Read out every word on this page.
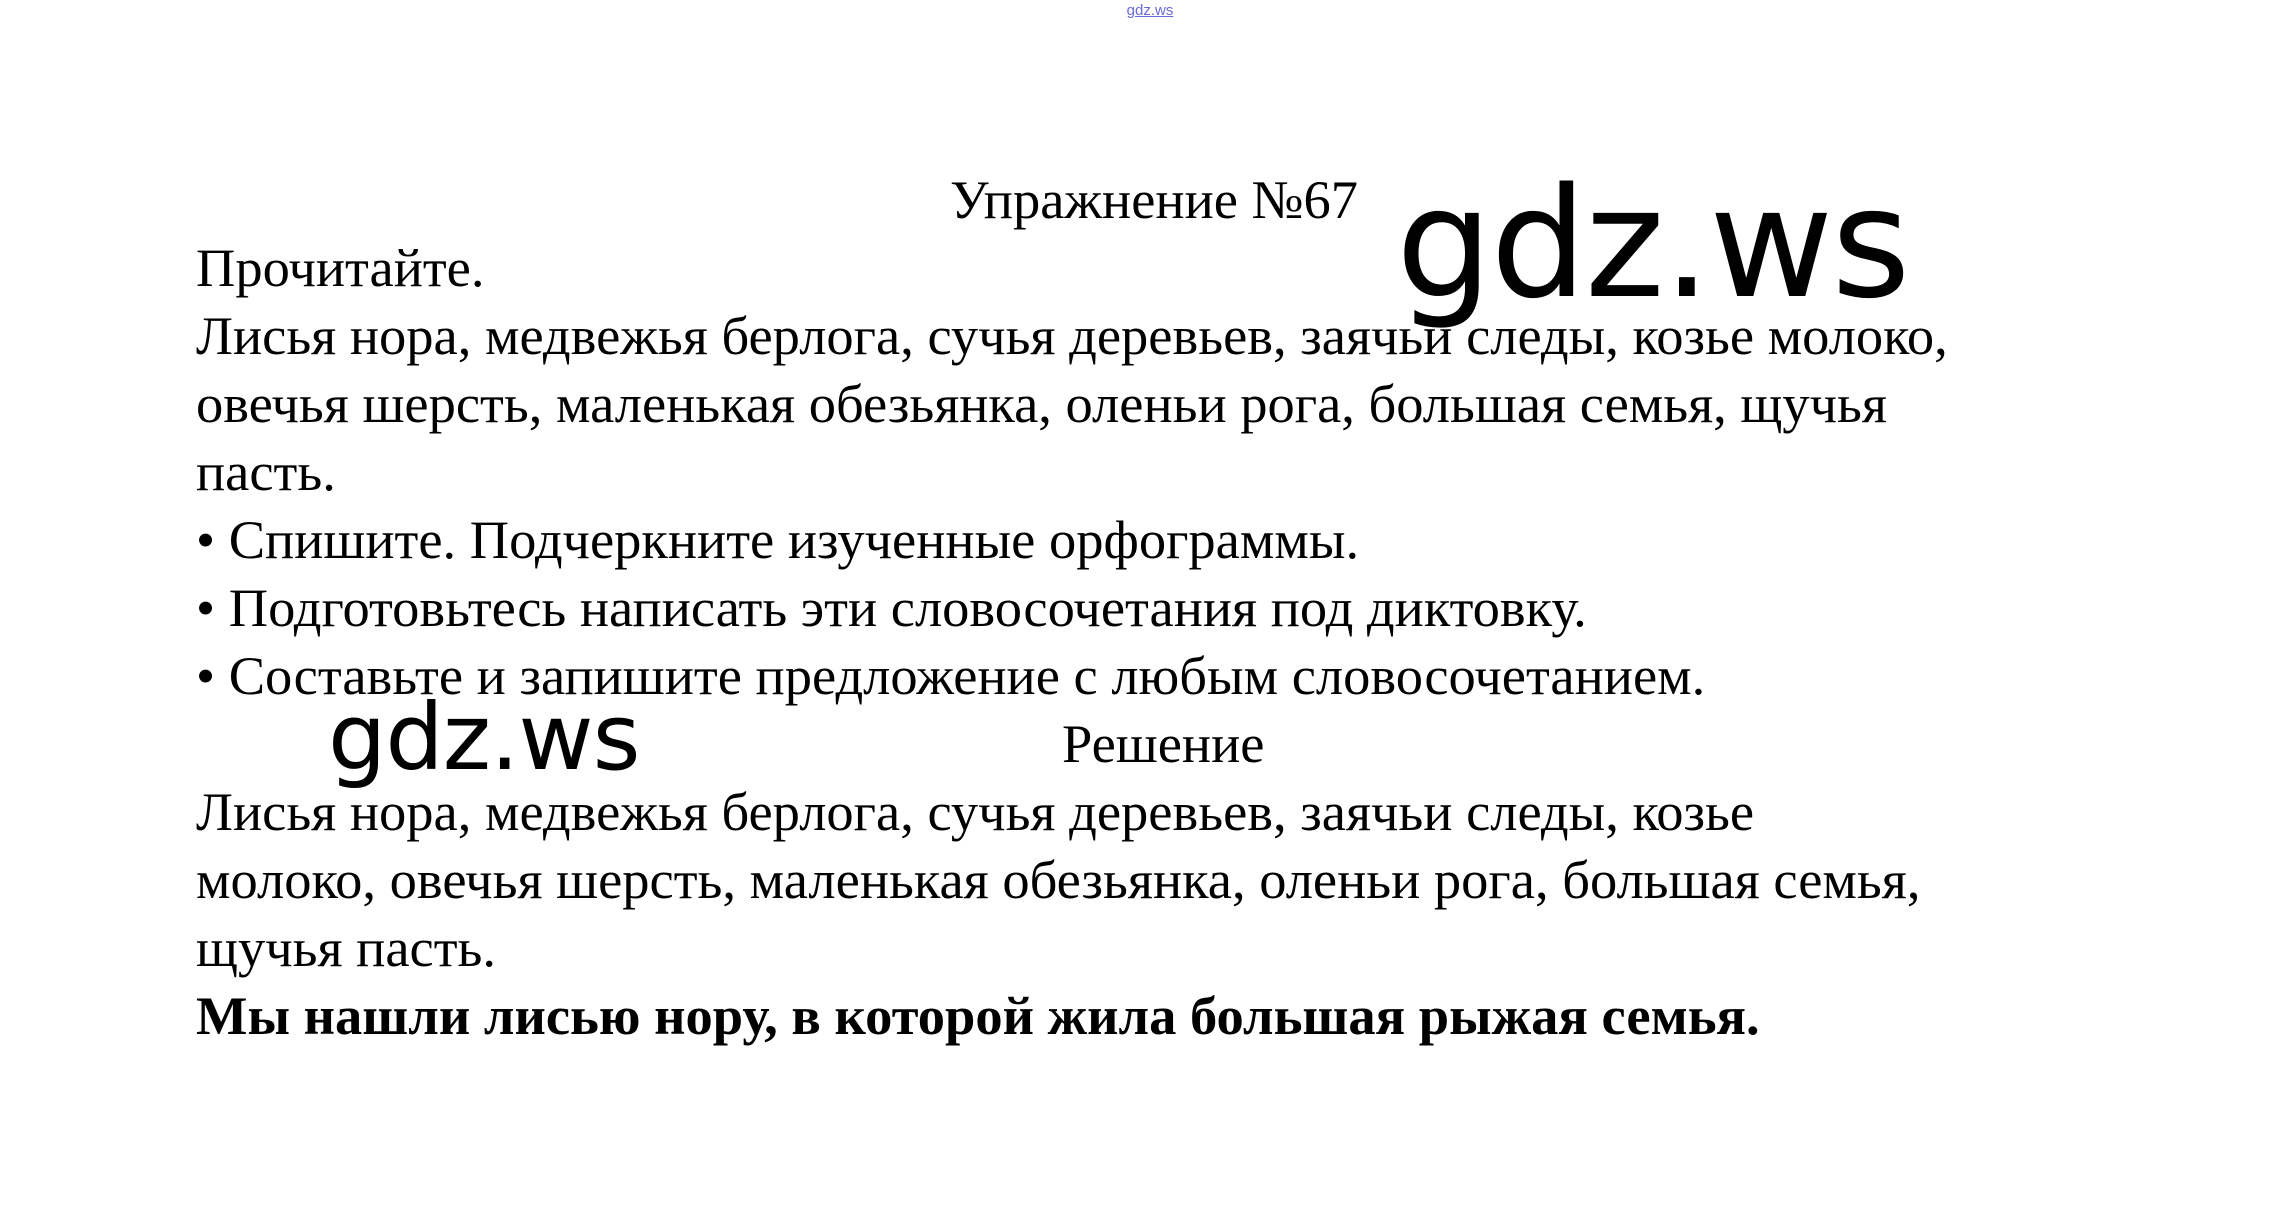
gdz.ws
Упражнение №67
Прочитайте.
Лисья нора, медвежья берлога, сучья деревьев, заячьи следы, козье молоко,
овечья шерсть, маленькая обезьянка, оленьи рога, большая семья, щучья
пасть.
• Спишите. Подчеркните изученные орфограммы.
• Подготовьтесь написать эти словосочетания под диктовку.
• Составьте и запишите предложение с любым словосочетанием.
Решение
Лисья нора, медвежья берлога, сучья деревьев, заячьи следы, козье
молоко, овечья шерсть, маленькая обезьянка, оленьи рога, большая семья,
щучья пасть.
Мы нашли лисью нору, в которой жила большая рыжая семья.
gdz.ws
gdz.ws
